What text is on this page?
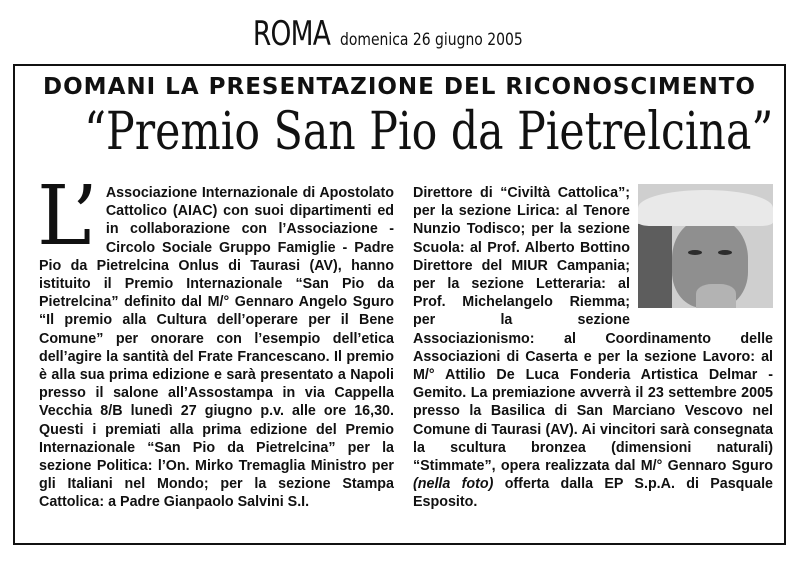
ROMA domenica 26 giugno 2005
DOMANI LA PRESENTAZIONE DEL RICONOSCIMENTO
“Premio San Pio da Pietrelcina”
L’ Associazione Internazionale di Apostolato Cattolico (AIAC) con suoi dipartimenti ed in collaborazione con l’Associazione - Circolo Sociale Gruppo Famiglie - Padre Pio da Pietrelcina Onlus di Taurasi (AV), hanno istituito il Premio Internazionale “San Pio da Pietrelcina” definito dal M/° Gennaro Angelo Sguro “Il premio alla Cultura dell’operare per il Bene Comune” per onorare con l’esempio dell’etica dell’agire la santità del Frate Francescano. Il premio è alla sua prima edizione e sarà presentato a Napoli presso il salone all’Assostampa in via Cappella Vecchia 8/B lunedì 27 giugno p.v. alle ore 16,30. Questi i premiati alla prima edizione del Premio Internazionale “San Pio da Pietrelcina” per la sezione Politica: l’On. Mirko Tremaglia Ministro per gli Italiani nel Mondo; per la sezione Stampa Cattolica: a Padre Gianpaolo Salvini S.I.

Direttore di “Civiltà Cattolica”; per la sezione Lirica: al Tenore Nunzio Todisco; per la sezione Scuola: al Prof. Alberto Bottino Direttore del MIUR Campania; per la sezione Letteraria: al Prof. Michelangelo Riemma; per la sezione Associazionismo: al Coordinamento delle Associazioni di Caserta e per la sezione Lavoro: al M/° Attilio De Luca Fonderia Artistica Delmar - Gemito. La premiazione avverrà il 23 settembre 2005 presso la Basilica di San Marciano Vescovo nel Comune di Taurasi (AV). Ai vincitori sarà consegnata la scultura bronzea (dimensioni naturali) “Stimmate”, opera realizzata dal M/° Gennaro Sguro (nella foto) offerta dalla EP S.p.A. di Pasquale Esposito.
